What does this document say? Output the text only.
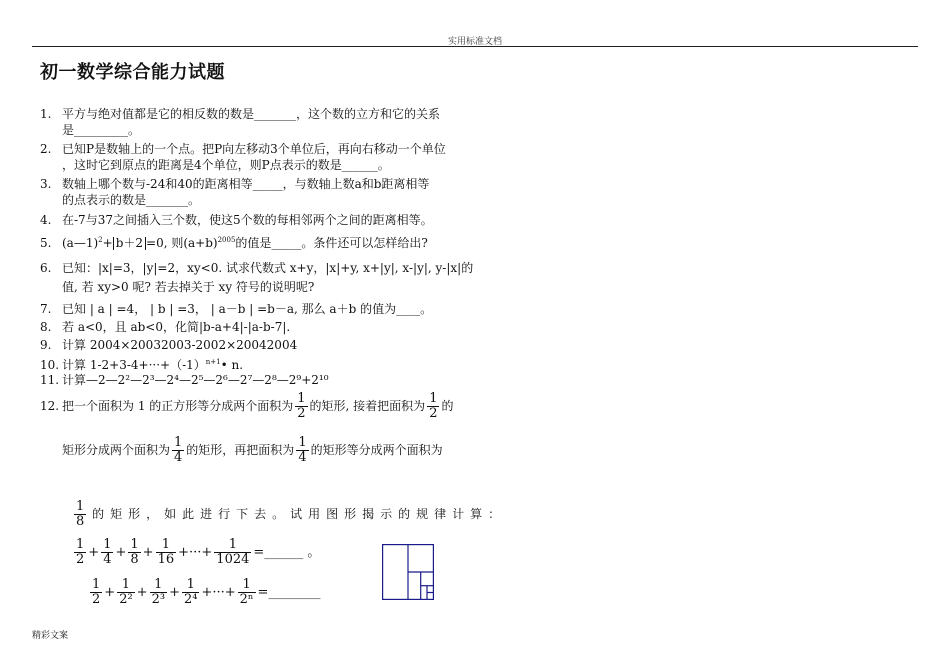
实用标准文档
初一数学综合能力试题
1. 平方与绝对值都是它的相反数的数是_______，这个数的立方和它的关系
是_________。
2. 已知P是数轴上的一个点。把P向左移动3个单位后，再向右移动一个单位
，这时它到原点的距离是4个单位，则P点表示的数是______。
3. 数轴上哪个数与-24和40的距离相等_____，与数轴上数a和b距离相等
的点表示的数是_______。
4. 在-7与37之间插入三个数，使这5个数的每相邻两个之间的距离相等。
5. (a—1)$^2$+ b＋2 =0, 则$(a+b)^{2005}$的值是_____。条件还可以怎样给出?
6. 已知：|x|=3，|y|=2，xy<0. 试求代数式 x+y，|x|+y, x+|y|, x-|y|, y-|x|的
值, 若 xy>0 呢? 若去掉关于 xy 符号的说明呢?
7. 已知 | a | =4， | b | =3， | a－b | =b－a, 那么 a＋b 的值为____。
8. 若 a<0，且 ab<0，化简|b-a+4|-|a-b-7|.
9. 计算 2004×20032003-2002×20042004
10. 计算 $1-2+3-4+\cdot\cdot\cdot+(-1)^{n+1}•$ n.
11. 计算—2—2²—2³—2⁴—2⁵—2⁶—2⁷—2⁸—2⁹+2¹⁰
12. 把一个面积为 1 的正方形等分成两个面积为 $\frac{1}{2}$ 的矩形, 接着把面积为 $\frac{1}{2}$ 的
矩形分成两个面积为 $\frac{1}{4}$ 的矩形，再把面积为 $\frac{1}{4}$ 的矩形等分成两个面积为
$\frac{1}{8}$ 的矩形，如此进行下去。试用图形揭示的规律计算：
$\frac{1}{2} + \frac{1}{4} + \frac{1}{8} + \frac{1}{16}$ +···+ $\frac{1}{1024}$ =______ 。
$\frac{1}{2} + \frac{1}{\text{2²}} + \frac{1}{\text{2³}} + \frac{1}{\text{2⁴}}$ +···+ $\frac{1}{\text{2ⁿ}}$ =________
精彩文案
